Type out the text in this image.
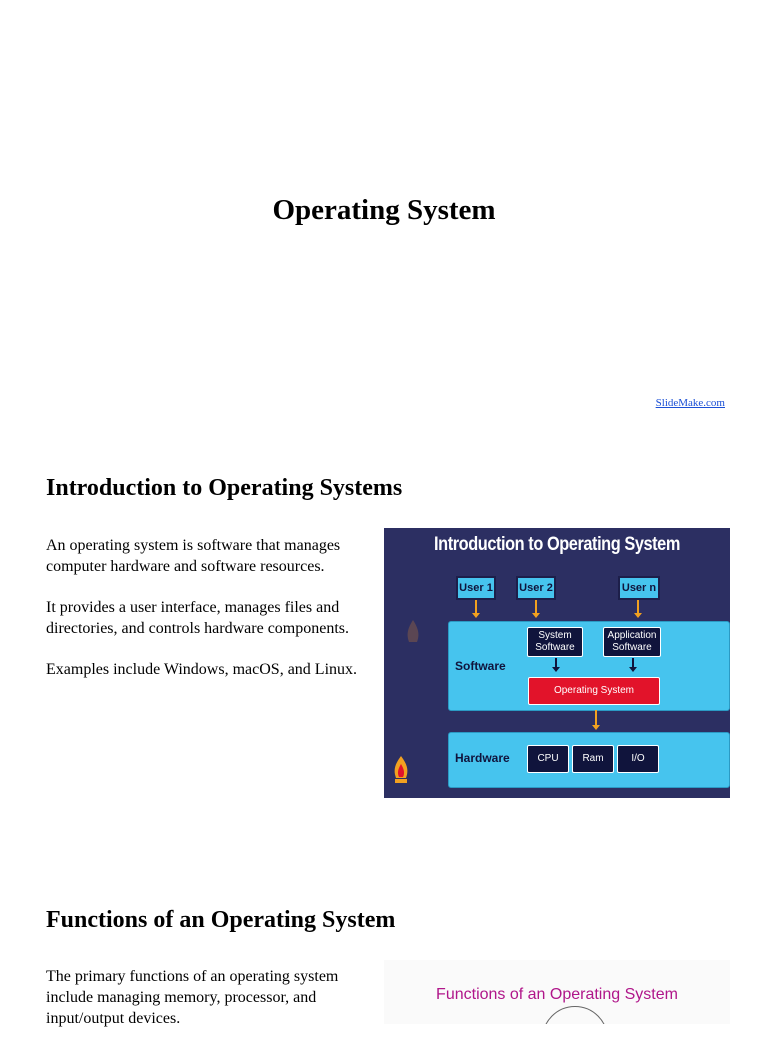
Operating System
SlideMake.com
Introduction to Operating Systems

An operating system is software that manages computer hardware and software resources.

It provides a user interface, manages files and directories, and controls hardware components.

Examples include Windows, macOS, and Linux.

Introduction to Operating System
User 1 User 2	User n
Software
System Software
Application Software
Operating System
Hardware	CPU	Ram	I/O
Functions of an Operating System

The primary functions of an operating system include managing memory, processor, and input/output devices.

Functions of an Operating System
